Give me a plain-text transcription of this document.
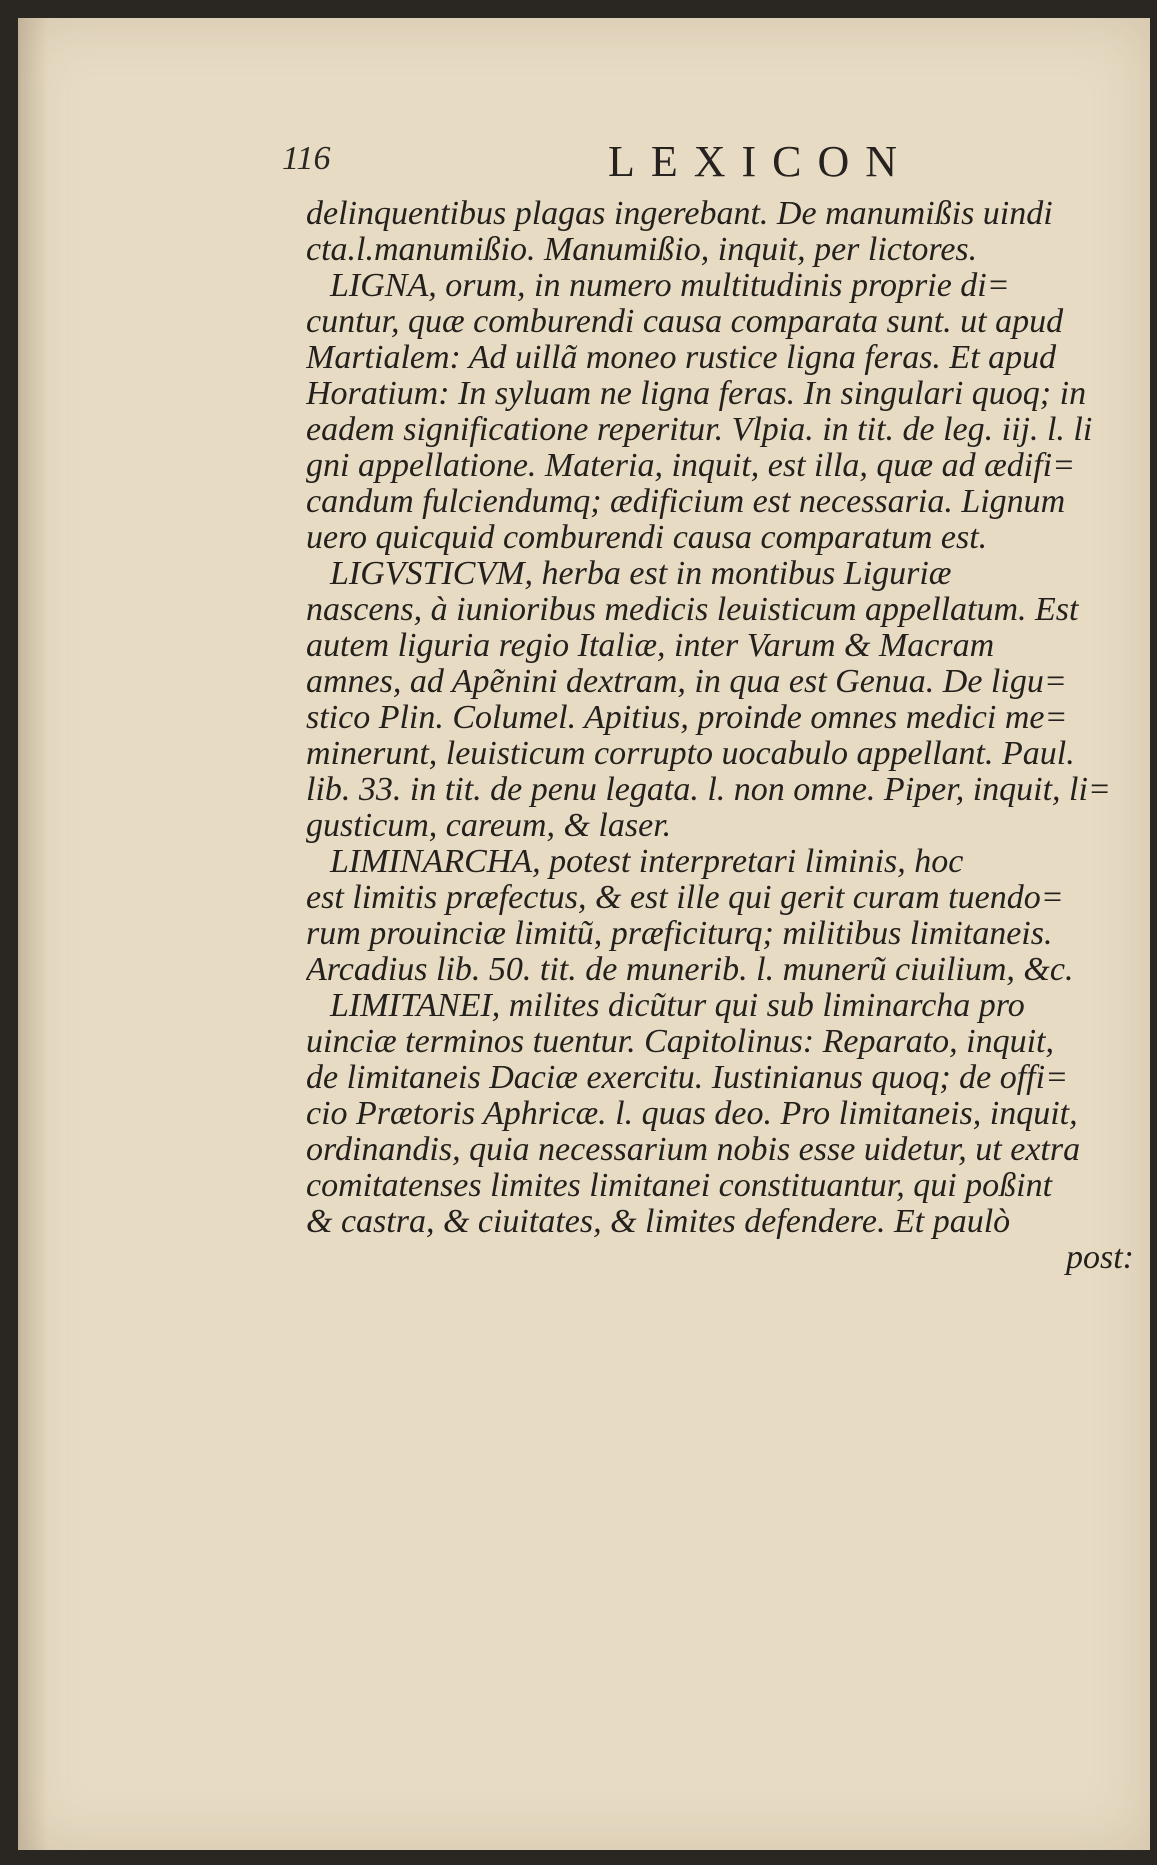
116	LEXICON
delinquentibus plagas ingerebant. De manumißis uindi
cta.l.manumißio. Manumißio, inquit, per lictores.
LIGNA, orum, in numero multitudinis proprie di=
cuntur, quæ comburendi causa comparata sunt. ut apud
Martialem: Ad uillã moneo rustice ligna feras. Et apud
Horatium: In syluam ne ligna feras. In singulari quoq; in
eadem significatione reperitur. Vlpia. in tit. de leg. iij. l. li
gni appellatione. Materia, inquit, est illa, quæ ad ædifi=
candum fulciendumq; ædificium est necessaria. Lignum
uero quicquid comburendi causa comparatum est.
LIGVSTICVM, herba est in montibus Liguriæ
nascens, à iunioribus medicis leuisticum appellatum. Est
autem liguria regio Italiæ, inter Varum & Macram
amnes, ad Apẽnini dextram, in qua est Genua. De ligu=
stico Plin. Columel. Apitius, proinde omnes medici me=
minerunt, leuisticum corrupto uocabulo appellant. Paul.
lib. 33. in tit. de penu legata. l. non omne. Piper, inquit, li=
gusticum, careum, & laser.
LIMINARCHA, potest interpretari liminis, hoc
est limitis præfectus, & est ille qui gerit curam tuendo=
rum prouinciæ limitũ, præficiturq; militibus limitaneis.
Arcadius lib. 50. tit. de munerib. l. munerũ ciuilium, &c.
LIMITANEI, milites dicũtur qui sub liminarcha pro
uinciæ terminos tuentur. Capitolinus: Reparato, inquit,
de limitaneis Daciæ exercitu. Iustinianus quoq; de offi=
cio Prætoris Aphricæ. l. quas deo. Pro limitaneis, inquit,
ordinandis, quia necessarium nobis esse uidetur, ut extra
comitatenses limites limitanei constituantur, qui poßint
& castra, & ciuitates, & limites defendere. Et paulò
post:
